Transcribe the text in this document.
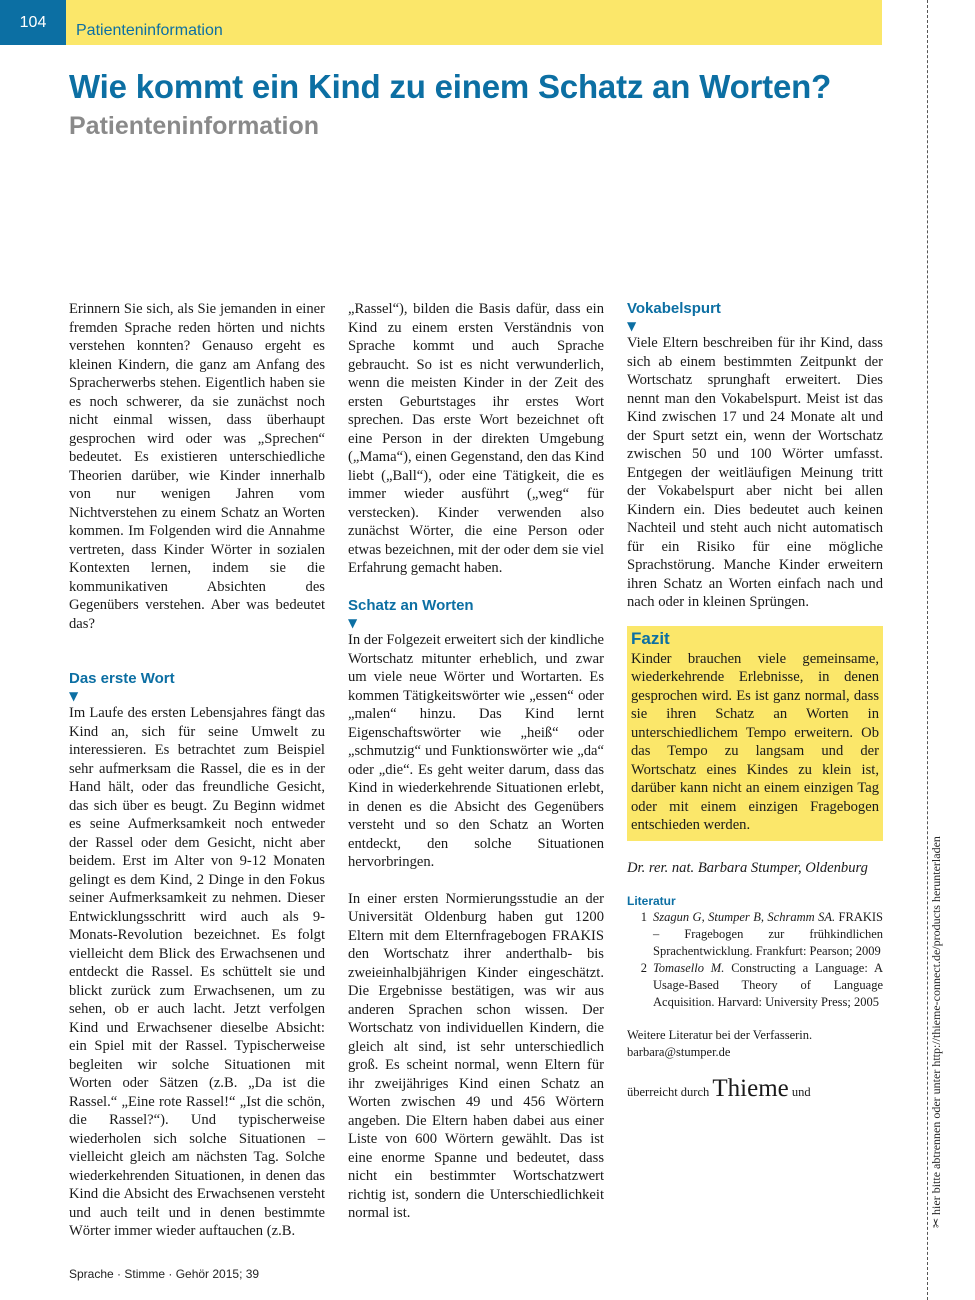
104	Patienteninformation
Wie kommt ein Kind zu einem Schatz an Worten?
Patienteninformation

Erinnern Sie sich, als Sie jemanden in einer fremden Sprache reden hörten und nichts verstehen konnten? Genauso ergeht es kleinen Kindern, die ganz am Anfang des Spracherwerbs stehen. Eigentlich haben sie es noch schwerer, da sie zunächst noch nicht einmal wissen, dass überhaupt gesprochen wird oder was „Sprechen“ bedeutet. Es existieren unterschiedliche Theorien darüber, wie Kinder innerhalb von nur wenigen Jahren vom Nichtverstehen zu einem Schatz an Worten kommen. Im Folgenden wird die Annahme vertreten, dass Kinder Wörter in sozialen Kontexten lernen, indem sie die kommunikativen Absichten des Gegenübers verstehen. Aber was bedeutet das?

Das erste Wort
▼

Im Laufe des ersten Lebensjahres fängt das Kind an, sich für seine Umwelt zu interessieren. Es betrachtet zum Beispiel sehr aufmerksam die Rassel, die es in der Hand hält, oder das freundliche Gesicht, das sich über es beugt. Zu Beginn widmet es seine Aufmerksamkeit noch entweder der Rassel oder dem Gesicht, nicht aber beidem. Erst im Alter von 9-12 Monaten gelingt es dem Kind, 2 Dinge in den Fokus seiner Aufmerksamkeit zu nehmen. Dieser Entwicklungsschritt wird auch als 9-Monats-Revolution bezeichnet. Es folgt vielleicht dem Blick des Erwachsenen und entdeckt die Rassel. Es schüttelt sie und blickt zurück zum Erwachsenen, um zu sehen, ob er auch lacht. Jetzt verfolgen Kind und Erwachsener dieselbe Absicht: ein Spiel mit der Rassel. Typischerweise begleiten wir solche Situationen mit Worten oder Sätzen (z.B. „Da ist die Rassel.“ „Eine rote Rassel!“ „Ist die schön, die Rassel?“). Und typischerweise wiederholen sich solche Situationen – vielleicht gleich am nächsten Tag. Solche wiederkehrenden Situationen, in denen das Kind die Absicht des Erwachsenen versteht und auch teilt und in denen bestimmte Wörter immer wieder auftauchen (z.B.

„Rassel“), bilden die Basis dafür, dass ein Kind zu einem ersten Verständnis von Sprache kommt und auch Sprache gebraucht. So ist es nicht verwunderlich, wenn die meisten Kinder in der Zeit des ersten Geburtstages ihr erstes Wort sprechen. Das erste Wort bezeichnet oft eine Person in der direkten Umgebung („Mama“), einen Gegenstand, den das Kind liebt („Ball“), oder eine Tätigkeit, die es immer wieder ausführt („weg“ für verstecken). Kinder verwenden also zunächst Wörter, die eine Person oder etwas bezeichnen, mit der oder dem sie viel Erfahrung gemacht haben.

Schatz an Worten
▼

In der Folgezeit erweitert sich der kindliche Wortschatz mitunter erheblich, und zwar um viele neue Wörter und Wortarten. Es kommen Tätigkeitswörter wie „essen“ oder „malen“ hinzu. Das Kind lernt Eigenschaftswörter wie „heiß“ oder „schmutzig“ und Funktionswörter wie „da“ oder „die“. Es geht weiter darum, dass das Kind in wiederkehrende Situationen erlebt, in denen es die Absicht des Gegenübers versteht und so den Schatz an Worten entdeckt, den solche Situationen hervorbringen.

In einer ersten Normierungsstudie an der Universität Oldenburg haben gut 1200 Eltern mit dem Elternfragebogen FRAKIS den Wortschatz ihrer anderthalb- bis zweieinhalbjährigen Kinder eingeschätzt. Die Ergebnisse bestätigen, was wir aus anderen Sprachen schon wissen. Der Wortschatz von individuellen Kindern, die gleich alt sind, ist sehr unterschiedlich groß. Es scheint normal, wenn Eltern für ihr zweijähriges Kind einen Schatz an Worten zwischen 49 und 456 Wörtern angeben. Die Eltern haben dabei aus einer Liste von 600 Wörtern gewählt. Das ist eine enorme Spanne und bedeutet, dass nicht ein bestimmter Wortschatzwert richtig ist, sondern die Unterschiedlichkeit normal ist.

Vokabelspurt
▼

Viele Eltern beschreiben für ihr Kind, dass sich ab einem bestimmten Zeitpunkt der Wortschatz sprunghaft erweitert. Dies nennt man den Vokabelspurt. Meist ist das Kind zwischen 17 und 24 Monate alt und der Spurt setzt ein, wenn der Wortschatz zwischen 50 und 100 Wörter umfasst. Entgegen der weitläufigen Meinung tritt der Vokabelspurt aber nicht bei allen Kindern ein. Dies bedeutet auch keinen Nachteil und steht auch nicht automatisch für ein Risiko für eine mögliche Sprachstörung. Manche Kinder erweitern ihren Schatz an Worten einfach nach und nach oder in kleinen Sprüngen.

Fazit

Kinder brauchen viele gemeinsame, wiederkehrende Erlebnisse, in denen gesprochen wird. Es ist ganz normal, dass sie ihren Schatz an Worten in unterschiedlichem Tempo erweitern. Ob das Tempo zu langsam und der Wortschatz eines Kindes zu klein ist, darüber kann nicht an einem einzigen Tag oder mit einem einzigen Fragebogen entschieden werden.

Dr. rer. nat. Barbara Stumper, Oldenburg

Literatur
1 Szagun G, Stumper B, Schramm SA. FRAKIS – Fragebogen zur frühkindlichen Sprachentwicklung. Frankfurt: Pearson; 2009
2 Tomasello M. Constructing a Language: A Usage-Based Theory of Language Acquisition. Harvard: University Press; 2005
Weitere Literatur bei der Verfasserin.
barbara@stumper.de
überreicht durch Thieme und
Sprache · Stimme · Gehör 2015; 39
✂ hier bitte abtrennen oder unter http://thieme-connect.de/products herunterladen
